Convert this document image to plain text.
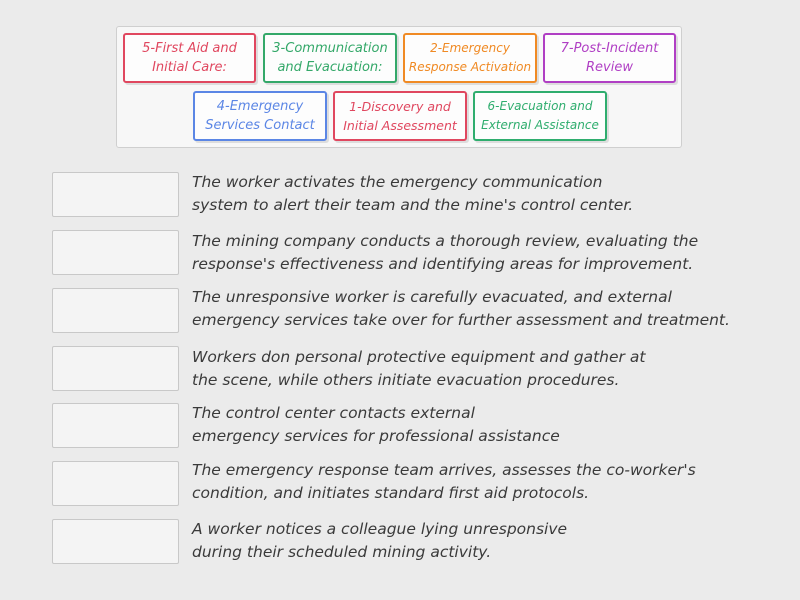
5-First Aid and
Initial Care:
3-Communication
and Evacuation:
2-Emergency
Response Activation
7-Post-Incident
Review
4-Emergency
Services Contact
1-Discovery and
Initial Assessment
6-Evacuation and
External Assistance
The worker activates the emergency communication
system to alert their team and the mine's control center.
The mining company conducts a thorough review, evaluating the
response's effectiveness and identifying areas for improvement.
The unresponsive worker is carefully evacuated, and external
emergency services take over for further assessment and treatment.
Workers don personal protective equipment and gather at
the scene, while others initiate evacuation procedures.
The control center contacts external
emergency services for professional assistance
The emergency response team arrives, assesses the co-worker's
condition, and initiates standard first aid protocols.
A worker notices a colleague lying unresponsive
during their scheduled mining activity.
